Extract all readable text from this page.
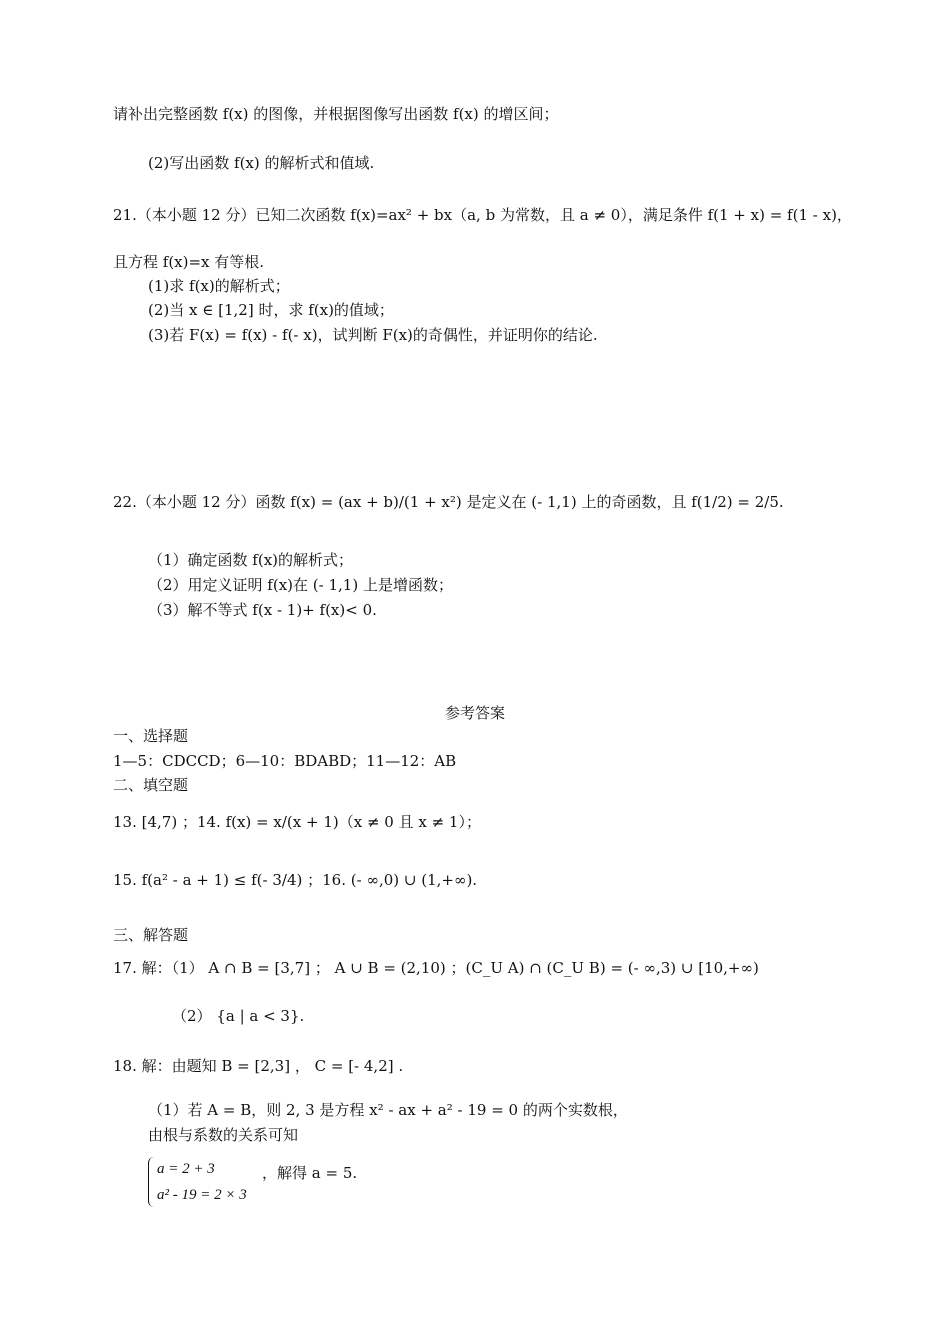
请补出完整函数 f(x) 的图像，并根据图像写出函数 f(x) 的增区间；
(2)写出函数 f(x) 的解析式和值域.
21.（本小题 12 分）已知二次函数 f(x)=ax² + bx（a, b 为常数，且 a ≠ 0），满足条件 f(1 + x) = f(1 - x)，
且方程 f(x)=x 有等根.
(1)求 f(x)的解析式；
(2)当 x ∈ [1,2] 时，求 f(x)的值域；
(3)若 F(x) = f(x) - f(- x)，试判断 F(x)的奇偶性，并证明你的结论.
22.（本小题 12 分）函数 f(x) = (ax + b)/(1 + x²) 是定义在 (- 1,1) 上的奇函数，且 f(1/2) = 2/5.
（1）确定函数 f(x)的解析式；
（2）用定义证明 f(x)在 (- 1,1) 上是增函数；
（3）解不等式 f(x - 1)+ f(x)< 0.
参考答案
一、选择题
1—5：CDCCD；6—10：BDABD；11—12：AB
二、填空题
13. [4,7) ；14. f(x) = x/(x + 1)（x ≠ 0 且 x ≠ 1）；
15. f(a² - a + 1) ≤ f(- 3/4) ；16. (- ∞,0) ∪ (1,+∞).
三、解答题
17. 解：（1） A ∩ B = [3,7] ； A ∪ B = (2,10) ；(C_U A) ∩ (C_U B) = (- ∞,3) ∪ [10,+∞)
（2） {a | a < 3}.
18. 解：由题知 B = [2,3] ， C = [- 4,2] .
（1）若 A = B，则 2, 3 是方程 x² - ax + a² - 19 = 0 的两个实数根，
由根与系数的关系可知
a = 2 + 3
a² - 19 = 2 × 3
，解得 a = 5.
